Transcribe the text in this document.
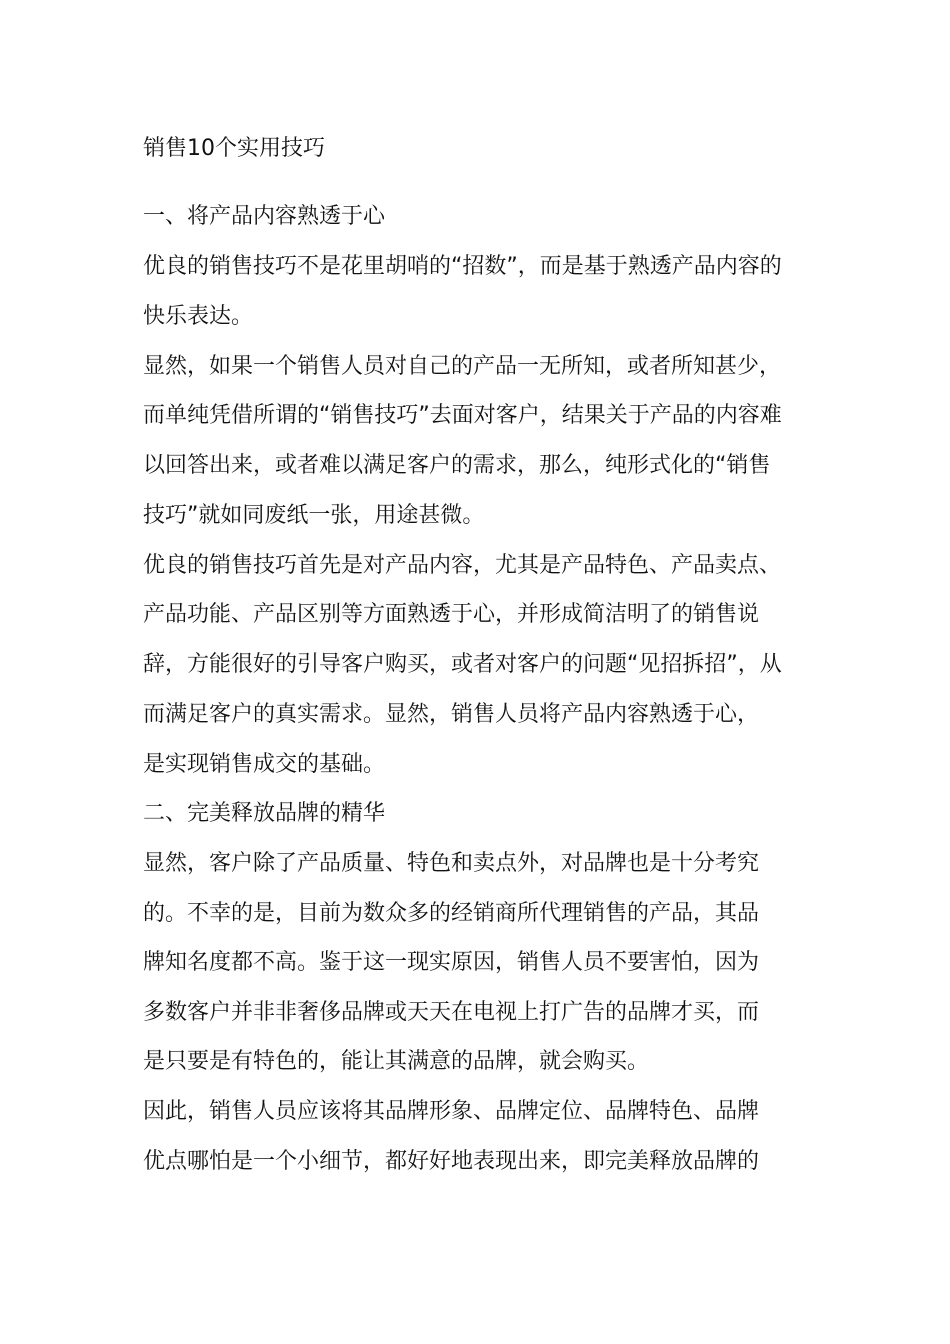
销售10个实用技巧
一、将产品内容熟透于心
优良的销售技巧不是花里胡哨的“招数”，而是基于熟透产品内容的
快乐表达。
显然，如果一个销售人员对自己的产品一无所知，或者所知甚少，
而单纯凭借所谓的“销售技巧”去面对客户，结果关于产品的内容难
以回答出来，或者难以满足客户的需求，那么，纯形式化的“销售
技巧”就如同废纸一张，用途甚微。
优良的销售技巧首先是对产品内容，尤其是产品特色、产品卖点、
产品功能、产品区别等方面熟透于心，并形成简洁明了的销售说
辞，方能很好的引导客户购买，或者对客户的问题“见招拆招”，从
而满足客户的真实需求。显然，销售人员将产品内容熟透于心，
是实现销售成交的基础。
二、完美释放品牌的精华
显然，客户除了产品质量、特色和卖点外，对品牌也是十分考究
的。不幸的是，目前为数众多的经销商所代理销售的产品，其品
牌知名度都不高。鉴于这一现实原因，销售人员不要害怕，因为
多数客户并非非奢侈品牌或天天在电视上打广告的品牌才买，而
是只要是有特色的，能让其满意的品牌，就会购买。
因此，销售人员应该将其品牌形象、品牌定位、品牌特色、品牌
优点哪怕是一个小细节，都好好地表现出来，即完美释放品牌的
